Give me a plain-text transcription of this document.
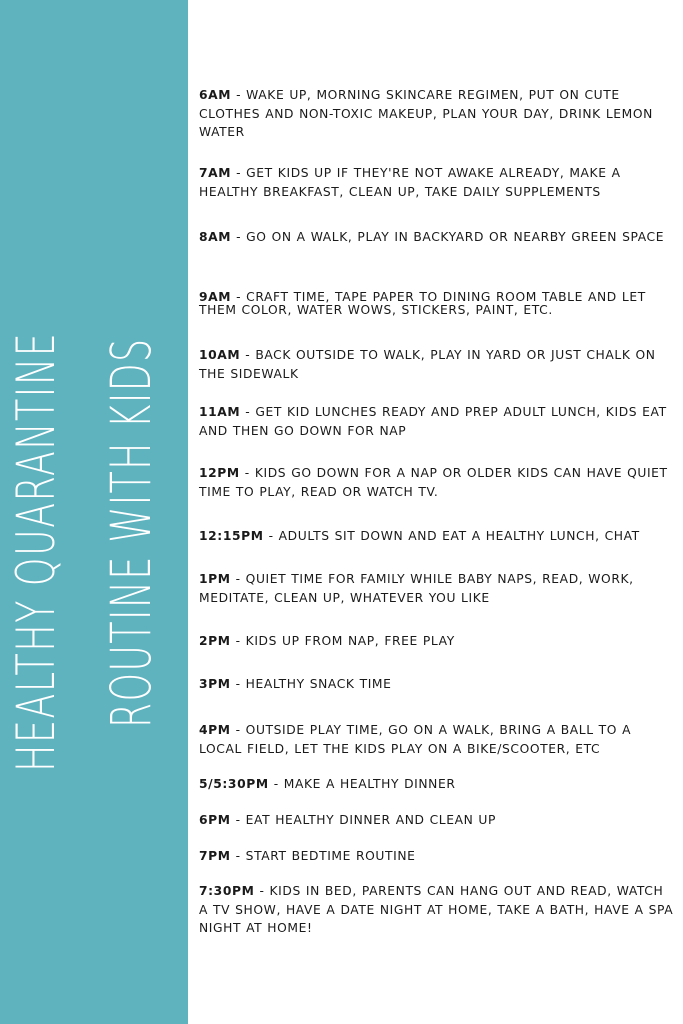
HEALTHY QUARANTINE ROUTINE WITH KIDS
6AM - WAKE UP, MORNING SKINCARE REGIMEN, PUT ON CUTE CLOTHES AND NON-TOXIC MAKEUP, PLAN YOUR DAY, DRINK LEMON WATER
7AM - GET KIDS UP IF THEY'RE NOT AWAKE ALREADY, MAKE A HEALTHY BREAKFAST, CLEAN UP, TAKE DAILY SUPPLEMENTS
8AM - GO ON A WALK, PLAY IN BACKYARD OR NEARBY GREEN SPACE
9AM - CRAFT TIME, TAPE PAPER TO DINING ROOM TABLE AND LET THEM COLOR, WATER WOWS, STICKERS, PAINT, ETC.
10AM - BACK OUTSIDE TO WALK, PLAY IN YARD OR JUST CHALK ON THE SIDEWALK
11AM - GET KID LUNCHES READY AND PREP ADULT LUNCH, KIDS EAT AND THEN GO DOWN FOR NAP
12PM - KIDS GO DOWN FOR A NAP OR OLDER KIDS CAN HAVE QUIET TIME TO PLAY, READ OR WATCH TV.
12:15PM - ADULTS SIT DOWN AND EAT A HEALTHY LUNCH, CHAT
1PM - QUIET TIME FOR FAMILY WHILE BABY NAPS, READ, WORK, MEDITATE, CLEAN UP, WHATEVER YOU LIKE
2PM - KIDS UP FROM NAP, FREE PLAY
3PM - HEALTHY SNACK TIME
4PM - OUTSIDE PLAY TIME, GO ON A WALK, BRING A BALL TO A LOCAL FIELD, LET THE KIDS PLAY ON A BIKE/SCOOTER, ETC
5/5:30PM - MAKE A HEALTHY DINNER
6PM - EAT HEALTHY DINNER AND CLEAN UP
7PM - START BEDTIME ROUTINE
7:30PM - KIDS IN BED, PARENTS CAN HANG OUT AND READ, WATCH A TV SHOW, HAVE A DATE NIGHT AT HOME, TAKE A BATH, HAVE A SPA NIGHT AT HOME!
